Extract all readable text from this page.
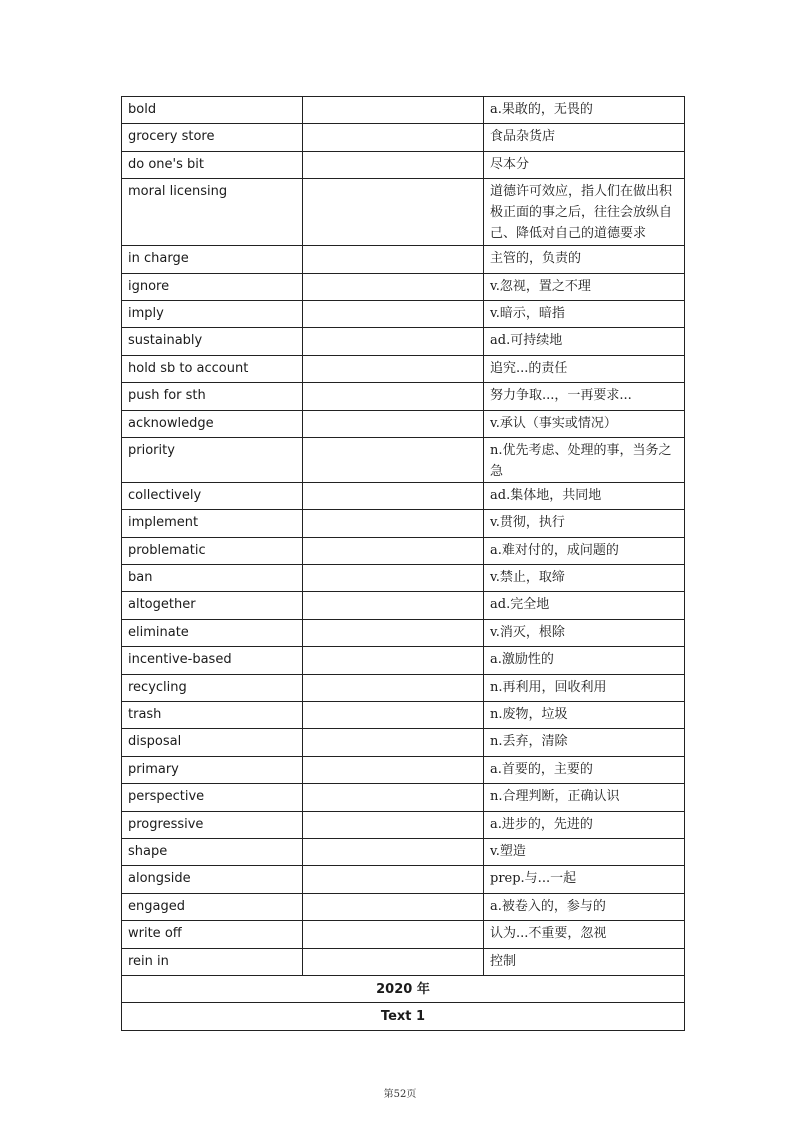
bold		a.果敢的，无畏的
grocery store		食品杂货店
do one's bit		尽本分
moral licensing		道德许可效应，指人们在做出积极正面的事之后，往往会放纵自己、降低对自己的道德要求
in charge		主管的，负责的
ignore		v.忽视，置之不理
imply		v.暗示，暗指
sustainably		ad.可持续地
hold sb to account		追究...的责任
push for sth		努力争取...，一再要求...
acknowledge		v.承认（事实或情况）
priority		n.优先考虑、处理的事，当务之急
collectively		ad.集体地，共同地
implement		v.贯彻，执行
problematic		a.难对付的，成问题的
ban		v.禁止，取缔
altogether		ad.完全地
eliminate		v.消灭，根除
incentive-based		a.激励性的
recycling		n.再利用，回收利用
trash		n.废物，垃圾
disposal		n.丢弃，清除
primary		a.首要的，主要的
perspective		n.合理判断，正确认识
progressive		a.进步的，先进的
shape		v.塑造
alongside		prep.与...一起
engaged		a.被卷入的，参与的
write off		认为...不重要，忽视
rein in		控制
2020 年		
Text 1		
第52页
